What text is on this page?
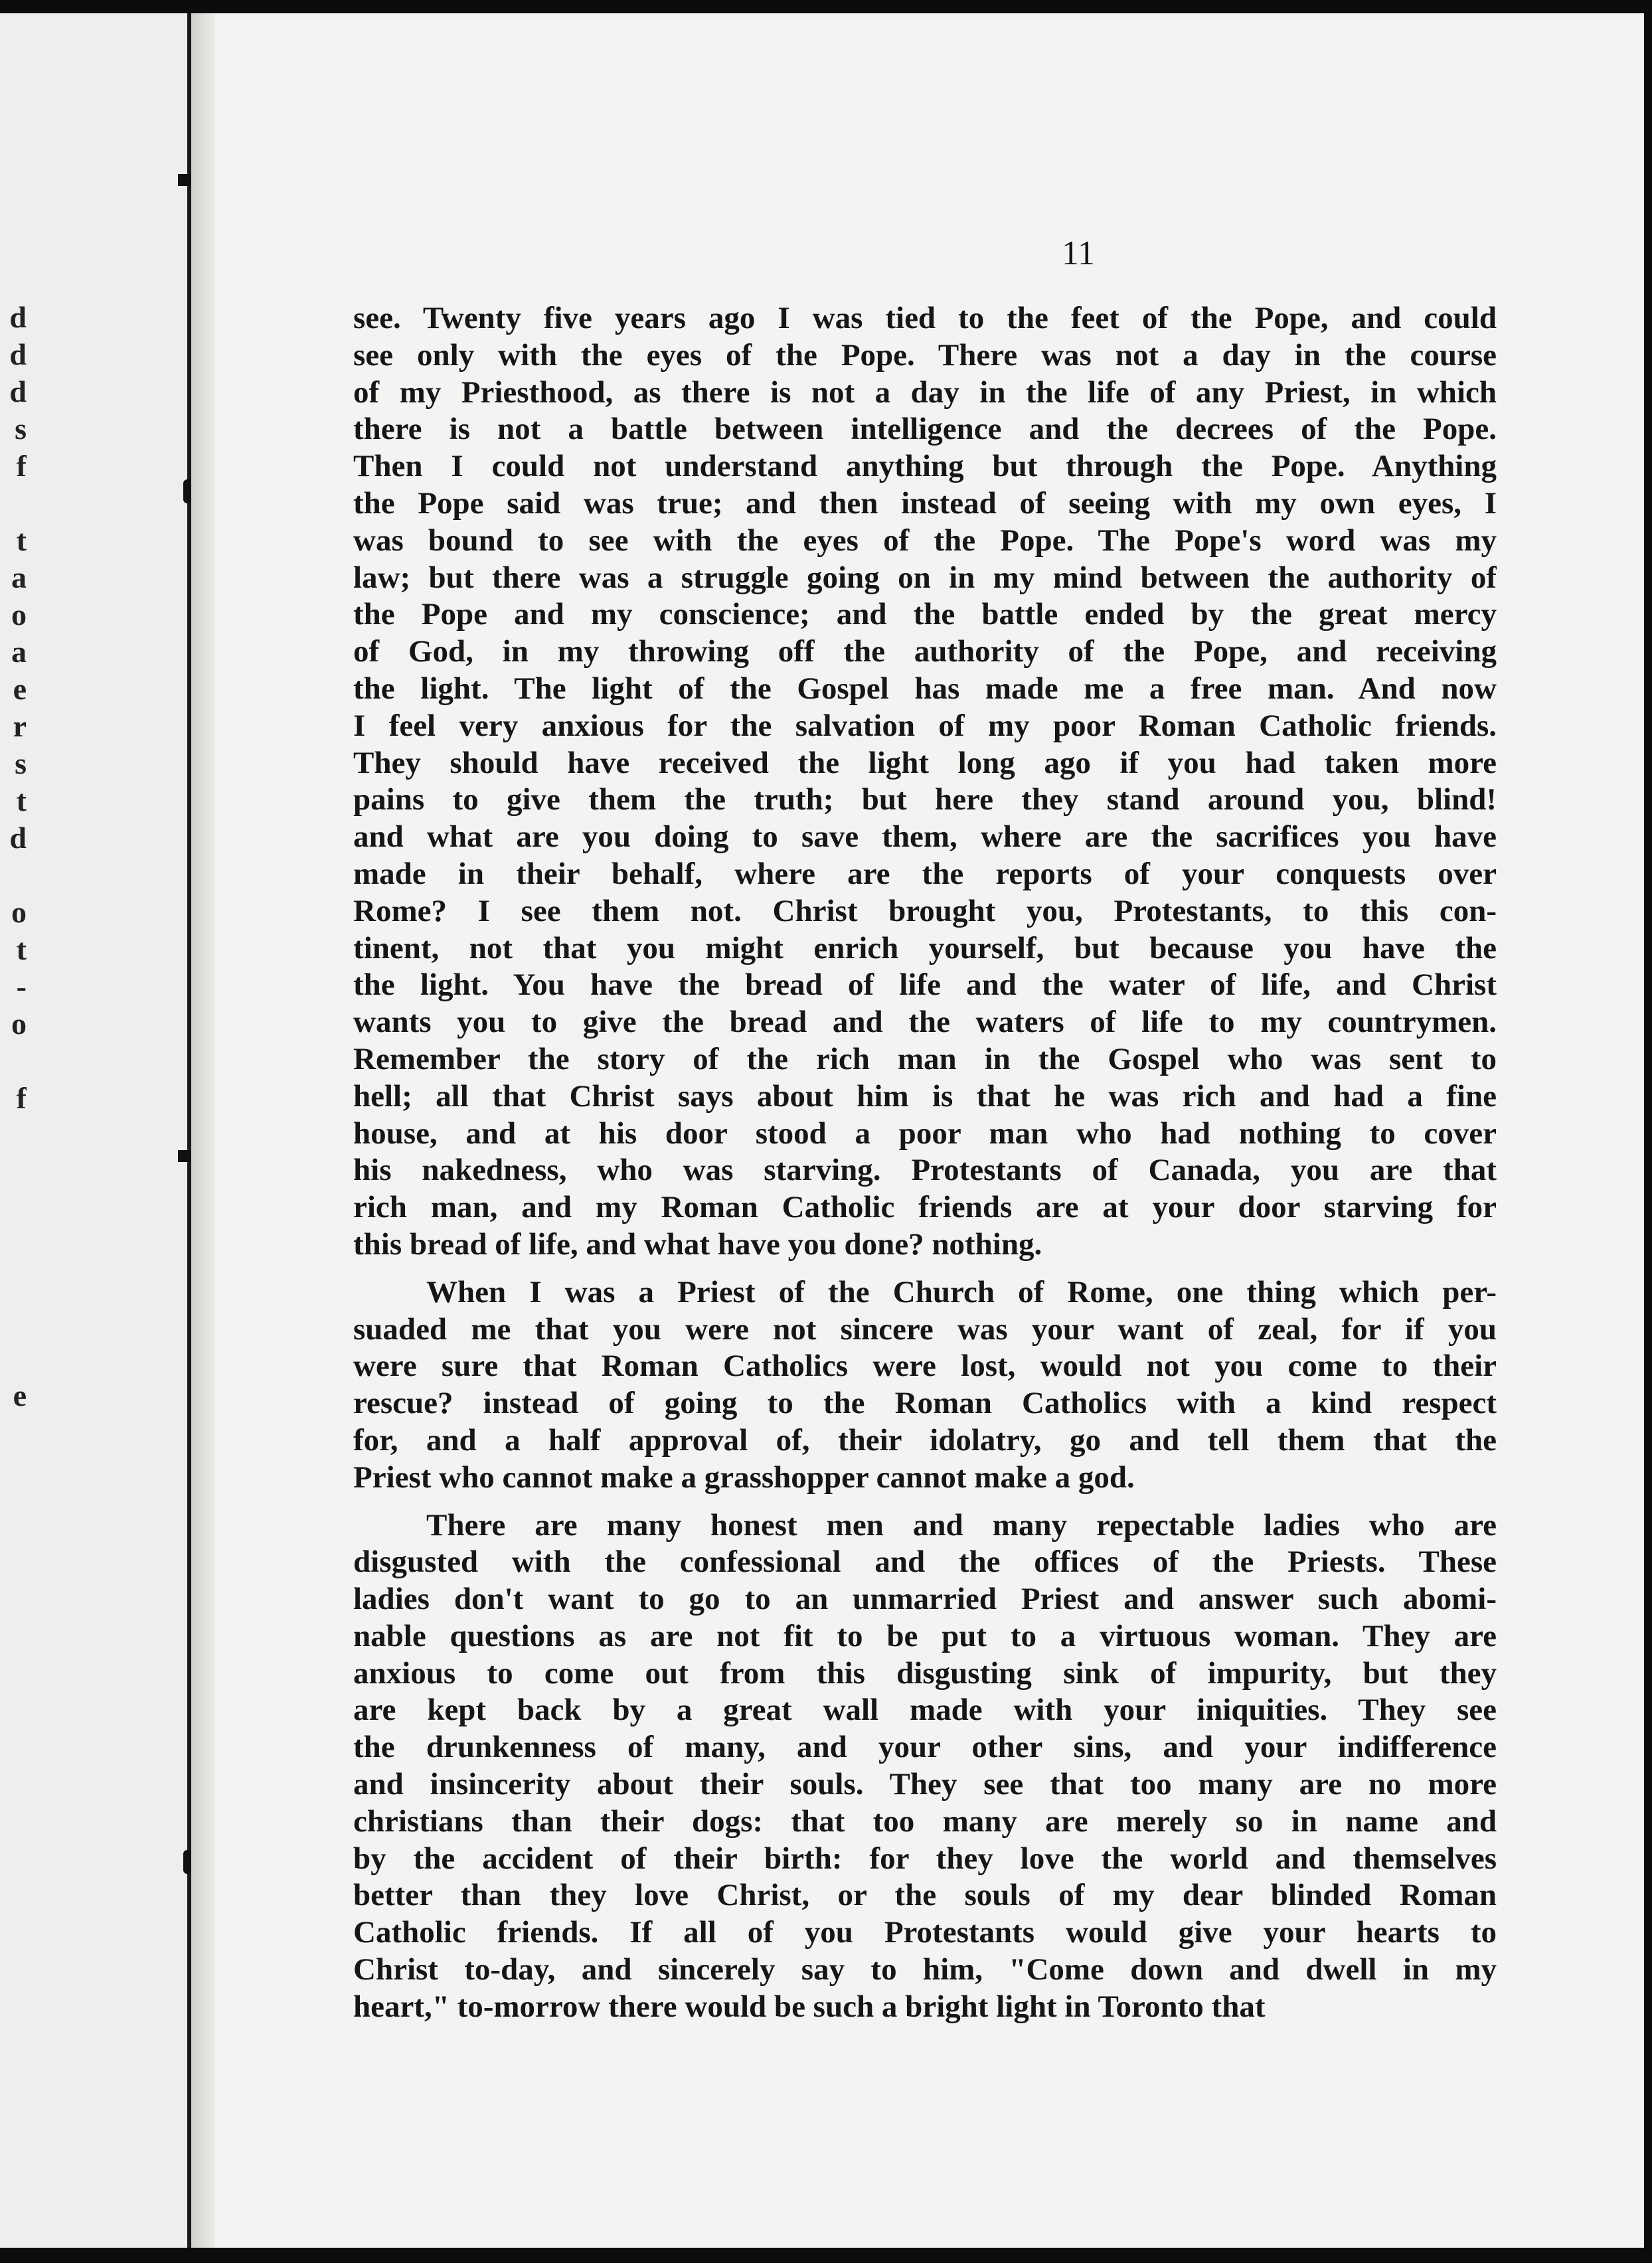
d
d
d
s
f
t
a
o
a
e
r
s
t
d
o
t
-
o
f
e

11

see. Twenty five years ago I was tied to the feet of the Pope, and could
see only with the eyes of the Pope. There was not a day in the course
of my Priesthood, as there is not a day in the life of any Priest, in which
there is not a battle between intelligence and the decrees of the Pope.
Then I could not understand anything but through the Pope. Anything
the Pope said was true; and then instead of seeing with my own eyes, I
was bound to see with the eyes of the Pope. The Pope's word was my
law; but there was a struggle going on in my mind between the authority of
the Pope and my conscience; and the battle ended by the great mercy
of God, in my throwing off the authority of the Pope, and receiving
the light. The light of the Gospel has made me a free man. And now
I feel very anxious for the salvation of my poor Roman Catholic friends.
They should have received the light long ago if you had taken more
pains to give them the truth; but here they stand around you, blind!
and what are you doing to save them, where are the sacrifices you have
made in their behalf, where are the reports of your conquests over
Rome? I see them not. Christ brought you, Protestants, to this con-
tinent, not that you might enrich yourself, but because you have the
the light. You have the bread of life and the water of life, and Christ
wants you to give the bread and the waters of life to my countrymen.
Remember the story of the rich man in the Gospel who was sent to
hell; all that Christ says about him is that he was rich and had a fine
house, and at his door stood a poor man who had nothing to cover
his nakedness, who was starving. Protestants of Canada, you are that
rich man, and my Roman Catholic friends are at your door starving for
this bread of life, and what have you done? nothing.
When I was a Priest of the Church of Rome, one thing which per-
suaded me that you were not sincere was your want of zeal, for if you
were sure that Roman Catholics were lost, would not you come to their
rescue? instead of going to the Roman Catholics with a kind respect
for, and a half approval of, their idolatry, go and tell them that the
Priest who cannot make a grasshopper cannot make a god.
There are many honest men and many repectable ladies who are
disgusted with the confessional and the offices of the Priests. These
ladies don't want to go to an unmarried Priest and answer such abomi-
nable questions as are not fit to be put to a virtuous woman. They are
anxious to come out from this disgusting sink of impurity, but they
are kept back by a great wall made with your iniquities. They see
the drunkenness of many, and your other sins, and your indifference
and insincerity about their souls. They see that too many are no more
christians than their dogs: that too many are merely so in name and
by the accident of their birth: for they love the world and themselves
better than they love Christ, or the souls of my dear blinded Roman
Catholic friends. If all of you Protestants would give your hearts to
Christ to-day, and sincerely say to him, "Come down and dwell in my
heart," to-morrow there would be such a bright light in Toronto that
